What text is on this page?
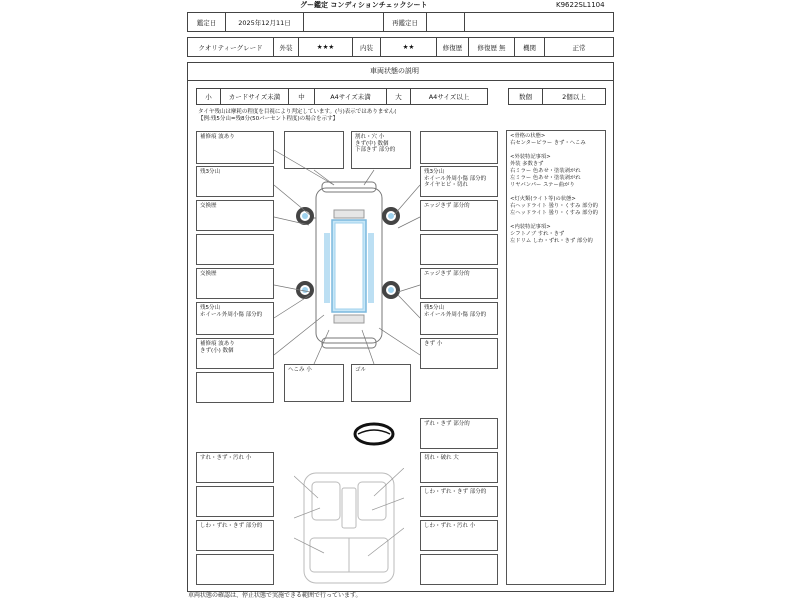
グー鑑定 コンディションチェックシート	K9622SL1104
鑑定日	2025年12月11日	再鑑定日
クオリティーグレード	外装	★★★	内装	★★	修復歴	修復歴 無	機関	正常
車両状態の説明
小	カードサイズ未満	中	A4サイズ未満	大	A4サイズ以上	数個	2個以上
タイヤ残山は摩耗の程度を目視により判定しています。(与)表示ではありません(
【例:残5分山=残8分(50パーセント程度)の場合を示す】
<骨格の状態>
右センターピラー きず・へこみ

<外装特記事項>
外装 多数きず
右ミラー 色あせ・塗装剥がれ
左ミラー 色あせ・塗装剥がれ
リヤバンパー ステー曲がり

<灯火類(ライト等)の状態>
右ヘッドライト 曇り・くすみ 部分的
左ヘッドライト 曇り・くすみ 部分的

<内装特記事項>
シフトノブ すれ・きず
左ドリム しわ・ずれ・きず 部分的
補修痕 波あり
残3分山
交換歴
交換歴
残5分山
ホイール外周小傷 部分的
補修痕 波あり
きず(小) 数個
すれ・きず・汚れ 小
しわ・ずれ・きず 部分的
割れ・穴 小
きず(中) 数個
下部きず 部分的
残3分山
ホイール外周小傷 部分的
タイヤヒビ・切れ
エッジきず 部分的
エッジきず 部分的
残5分山
ホイール外周小傷 部分的
きず 小
ずれ・きず 部分的
切れ・破れ 大
しわ・ずれ・きず 部分的
しわ・ずれ・汚れ 小
へこみ 小	ゴル
車両状態の確認は、停止状態で実施できる範囲で行っています。
